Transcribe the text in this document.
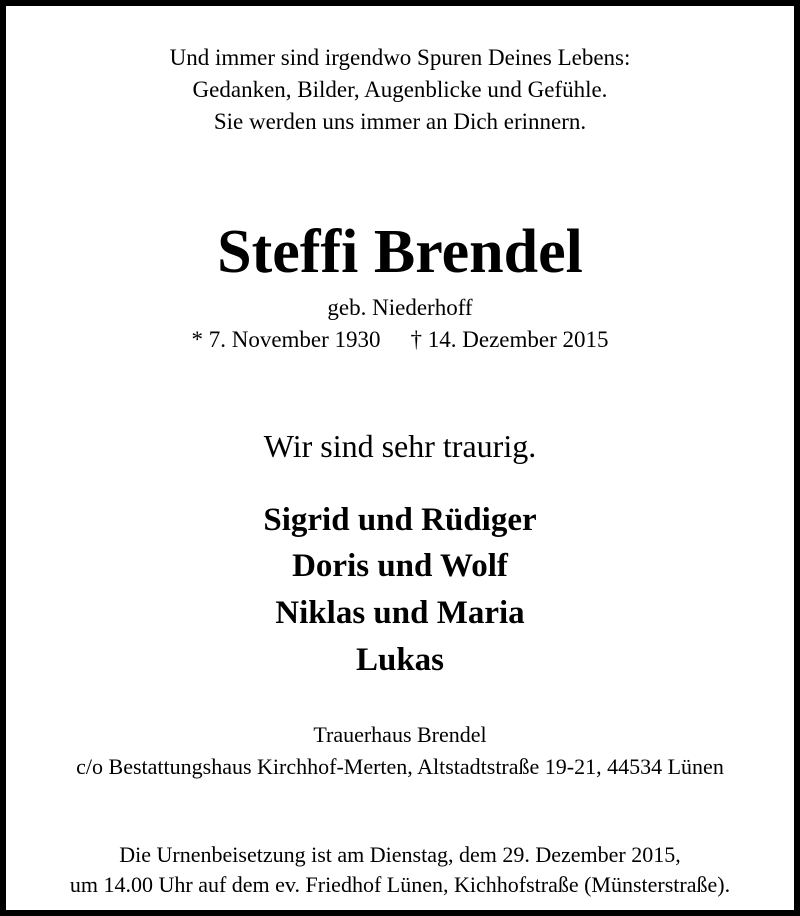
Und immer sind irgendwo Spuren Deines Lebens:
Gedanken, Bilder, Augenblicke und Gefühle.
Sie werden uns immer an Dich erinnern.
Steffi Brendel
geb. Niederhoff
* 7. November 1930 † 14. Dezember 2015
Wir sind sehr traurig.
Sigrid und Rüdiger
Doris und Wolf
Niklas und Maria
Lukas
Trauerhaus Brendel
c/o Bestattungshaus Kirchhof-Merten, Altstadtstraße 19-21, 44534 Lünen
Die Urnenbeisetzung ist am Dienstag, dem 29. Dezember 2015,
um 14.00 Uhr auf dem ev. Friedhof Lünen, Kichhofstraße (Münsterstraße).
